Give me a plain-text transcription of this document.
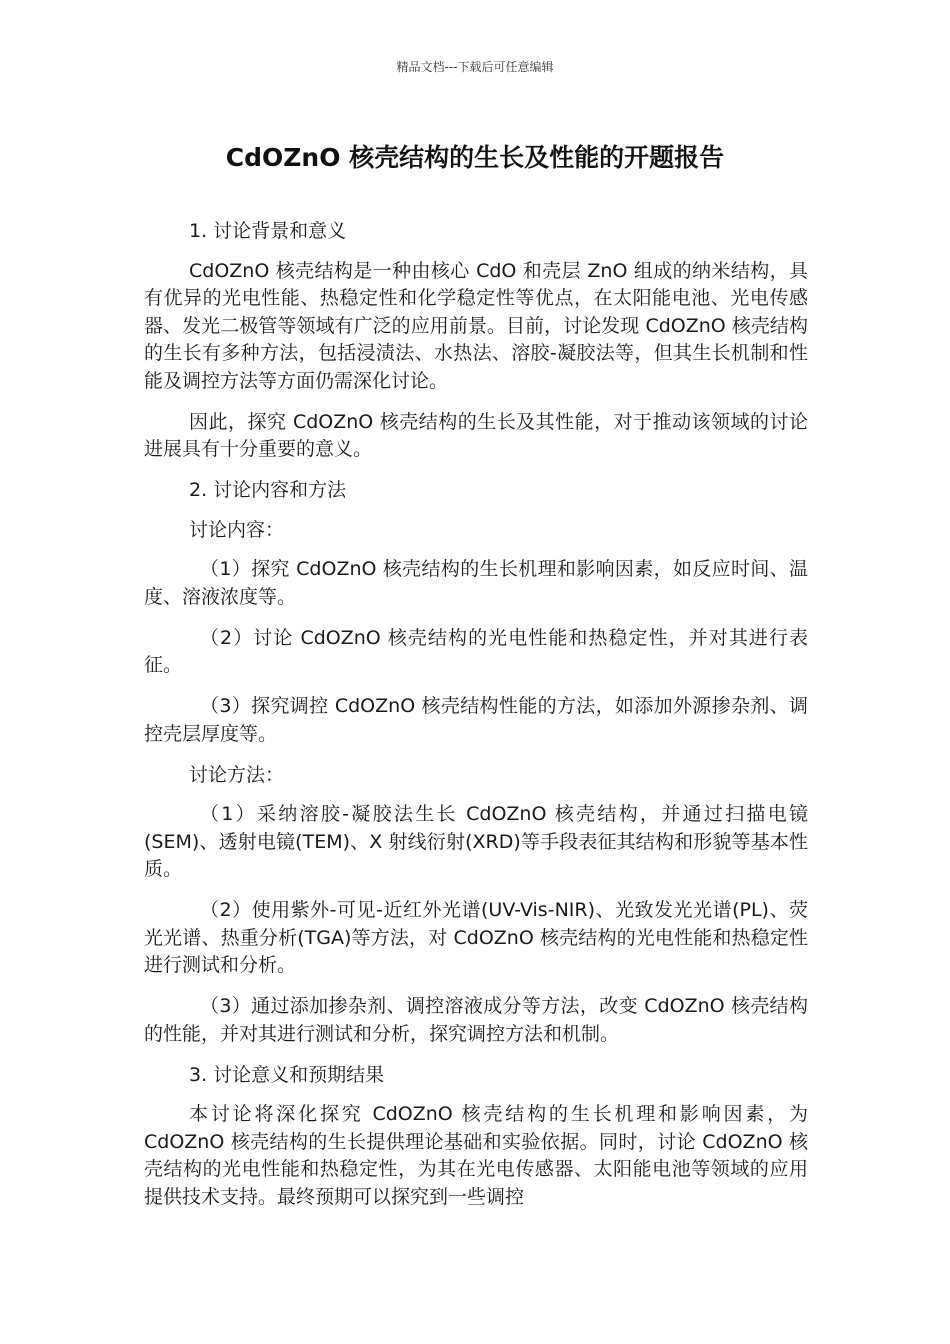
精品文档---下载后可任意编辑
CdOZnO 核壳结构的生长及性能的开题报告

1. 讨论背景和意义

CdOZnO 核壳结构是一种由核心 CdO 和壳层 ZnO 组成的纳米结构，具有优异的光电性能、热稳定性和化学稳定性等优点，在太阳能电池、光电传感器、发光二极管等领域有广泛的应用前景。目前，讨论发现 CdOZnO 核壳结构的生长有多种方法，包括浸渍法、水热法、溶胶-凝胶法等，但其生长机制和性能及调控方法等方面仍需深化讨论。

因此，探究 CdOZnO 核壳结构的生长及其性能，对于推动该领域的讨论进展具有十分重要的意义。

2. 讨论内容和方法

讨论内容：

（1）探究 CdOZnO 核壳结构的生长机理和影响因素，如反应时间、温度、溶液浓度等。

（2）讨论 CdOZnO 核壳结构的光电性能和热稳定性，并对其进行表征。

（3）探究调控 CdOZnO 核壳结构性能的方法，如添加外源掺杂剂、调控壳层厚度等。

讨论方法：

（1）采纳溶胶-凝胶法生长 CdOZnO 核壳结构，并通过扫描电镜(SEM)、透射电镜(TEM)、X 射线衍射(XRD)等手段表征其结构和形貌等基本性质。

（2）使用紫外-可见-近红外光谱(UV-Vis-NIR)、光致发光光谱(PL)、荧光光谱、热重分析(TGA)等方法，对 CdOZnO 核壳结构的光电性能和热稳定性进行测试和分析。

（3）通过添加掺杂剂、调控溶液成分等方法，改变 CdOZnO 核壳结构的性能，并对其进行测试和分析，探究调控方法和机制。

3. 讨论意义和预期结果

本讨论将深化探究 CdOZnO 核壳结构的生长机理和影响因素，为 CdOZnO 核壳结构的生长提供理论基础和实验依据。同时，讨论 CdOZnO 核壳结构的光电性能和热稳定性，为其在光电传感器、太阳能电池等领域的应用提供技术支持。最终预期可以探究到一些调控
